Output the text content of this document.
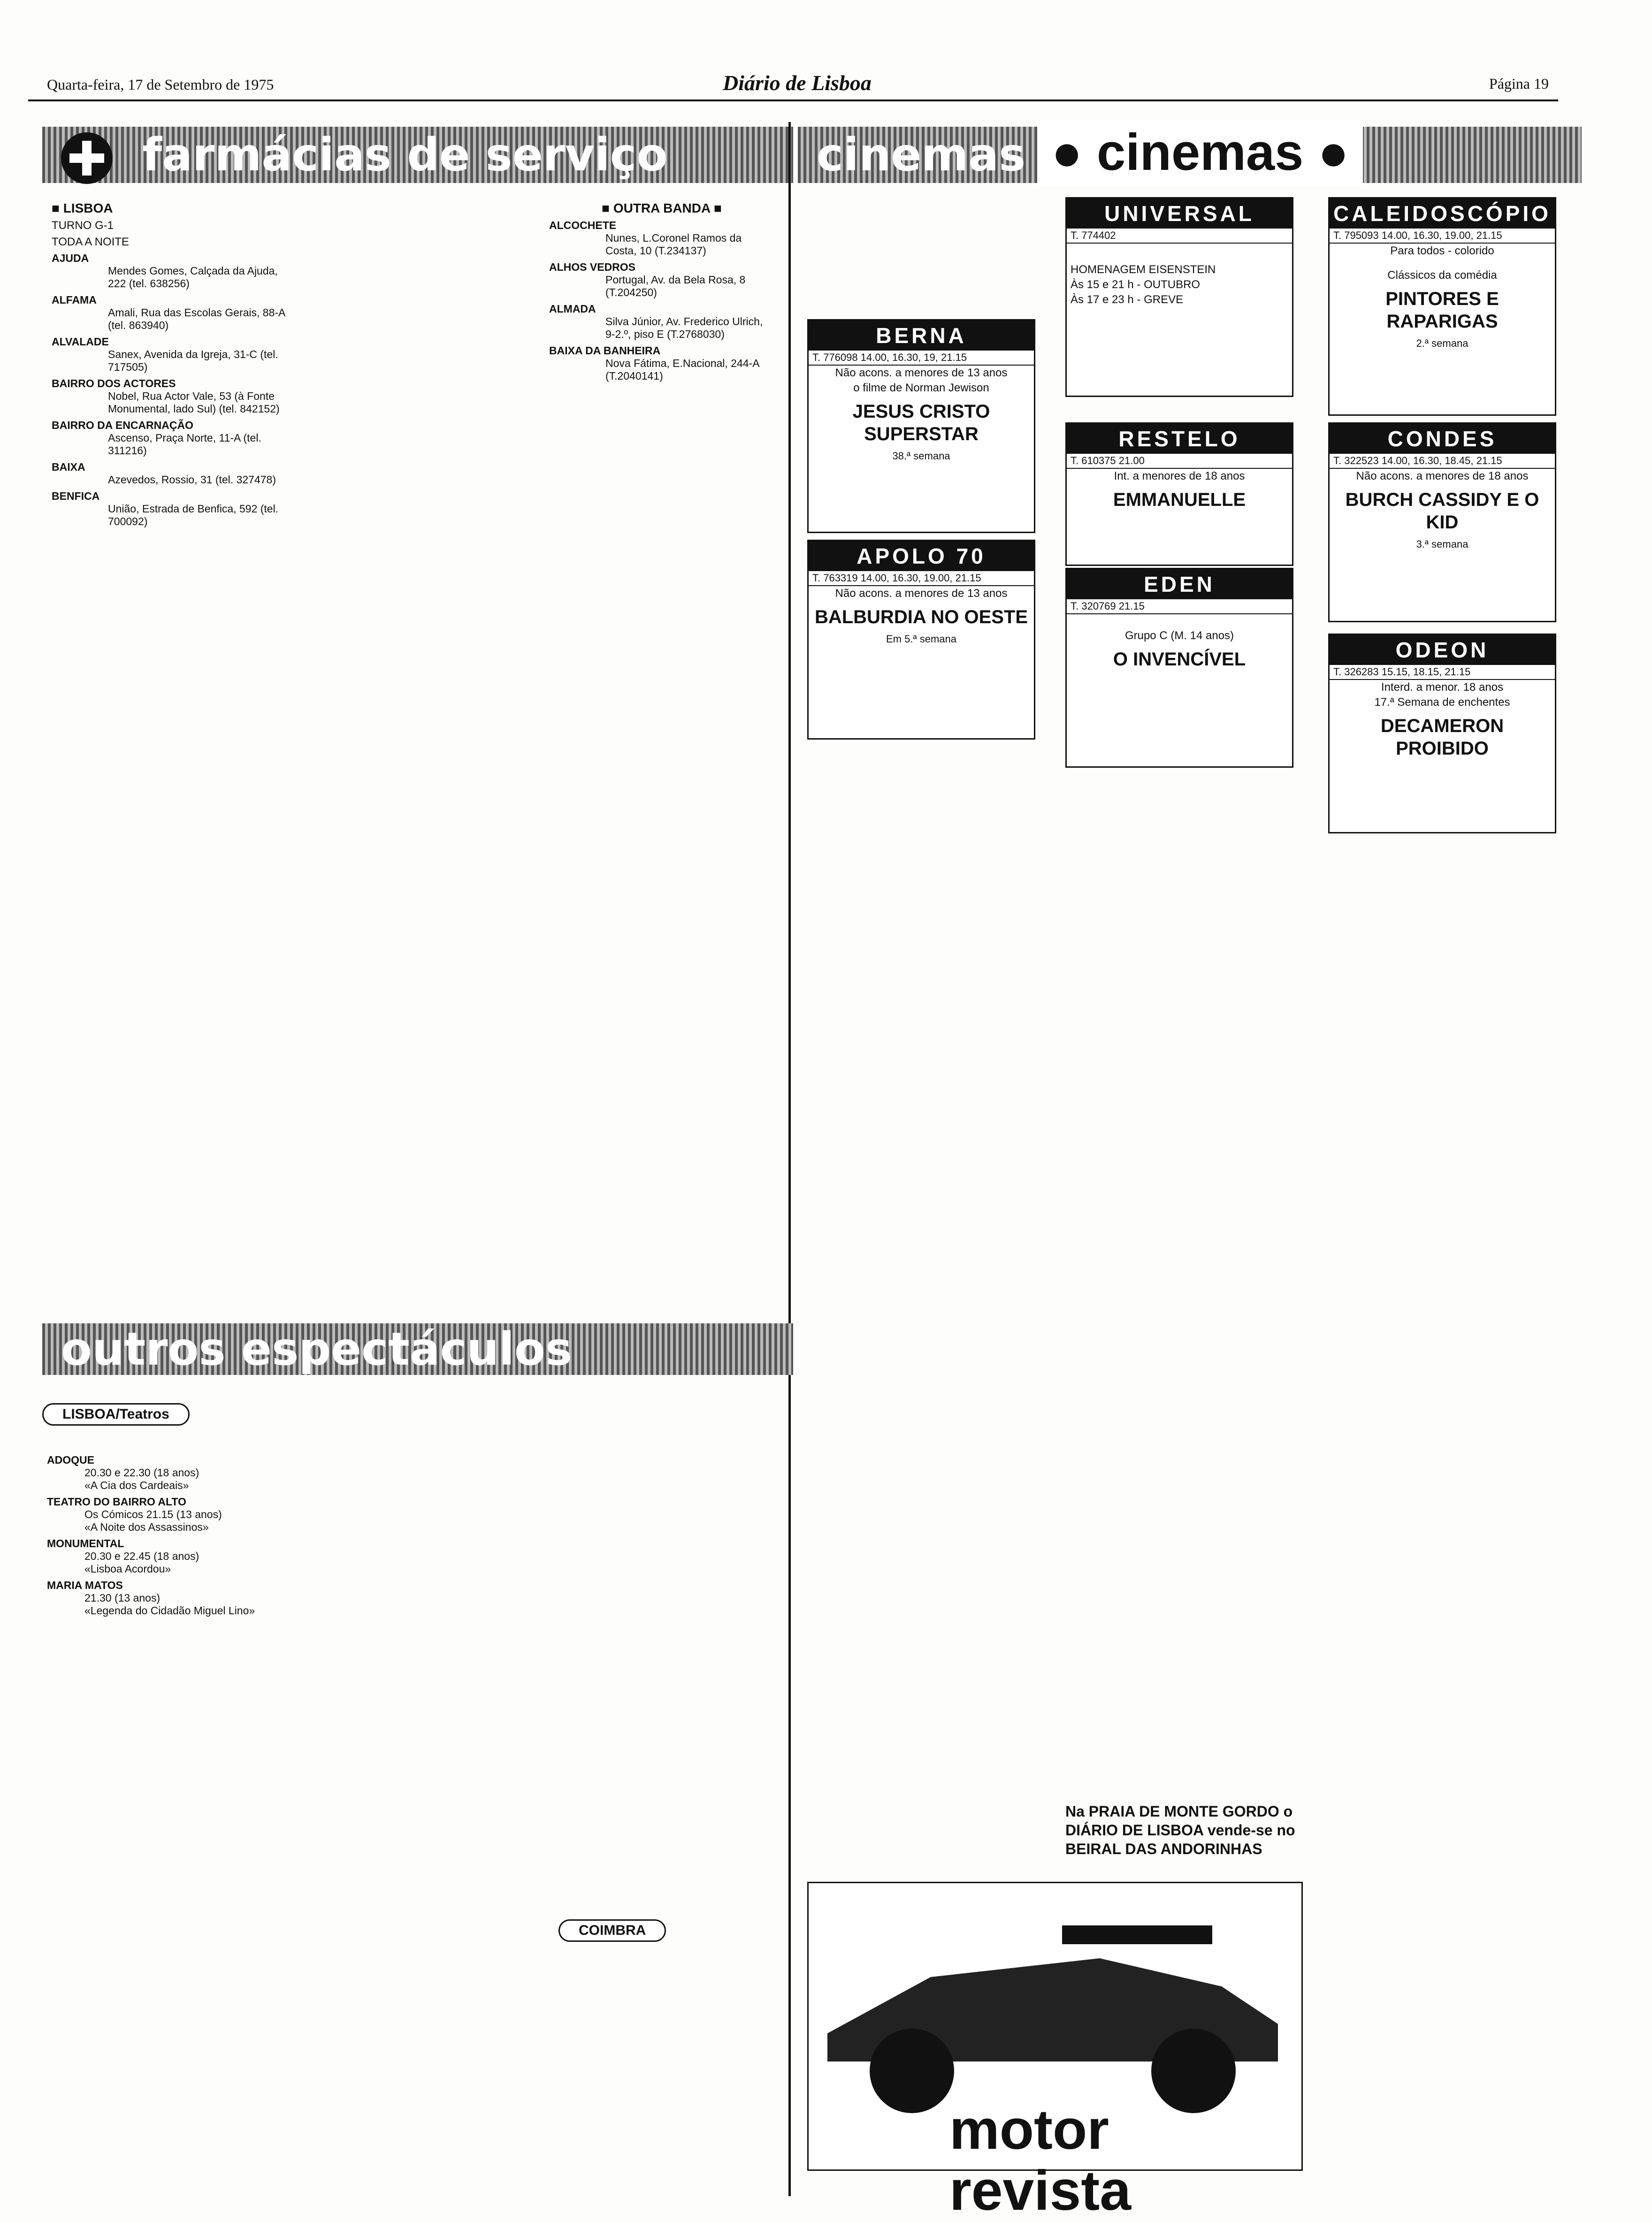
Quarta-feira, 17 de Setembro de 1975	Diário de Lisboa	Página 19
farmácias de serviço
■ LISBOA
TURNO G-1
TODA A NOITE
AJUDA
Mendes Gomes, Calçada da Ajuda, 222 (tel. 638256)
ALFAMA
Amali, Rua das Escolas Gerais, 88-A (tel. 863940)
ALVALADE
Sanex, Avenida da Igreja, 31-C (tel. 717505)
BAIRRO DOS ACTORES
Nobel, Rua Actor Vale, 53 (à Fonte Monumental, lado Sul) (tel. 842152)
BAIRRO DA ENCARNAÇÃO
Ascenso, Praça Norte, 11-A (tel. 311216)
BAIXA
Azevedos, Rossio, 31 (tel. 327478)
BENFICA
União, Estrada de Benfica, 592 (tel. 700092)
■ OUTRA BANDA ■
ALCOCHETE
Nunes, L.Coronel Ramos da Costa, 10 (T.234137)
ALHOS VEDROS
Portugal, Av. da Bela Rosa, 8 (T.204250)
ALMADA
Silva Júnior, Av. Frederico Ulrich, 9-2.º, piso E (T.2768030)
BAIXA DA BANHEIRA
Nova Fátima, E.Nacional, 244-A (T.2040141)
cinemas ● cinemas ●
UNIVERSAL
T. 774402
HOMENAGEM EISENSTEIN
Às 15 e 21 h - OUTUBRO
Às 17 e 23 h - GREVE
CALEIDOSCÓPIO
T. 795093 14.00, 16.30, 19.00, 21.15
Para todos - colorido
Clássicos da comédia
PINTORES E RAPARIGAS
2.ª semana
BERNA
T. 776098 14.00, 16.30, 19, 21.15
Não acons. a menores de 13 anos
o filme de Norman Jewison
JESUS CRISTO SUPERSTAR
38.ª semana
RESTELO
T. 610375 21.00
Int. a menores de 18 anos
EMMANUELLE
CONDES
T. 322523 14.00, 16.30, 18.45, 21.15
Não acons. a menores de 18 anos
BURCH CASSIDY E O KID
3.ª semana
APOLO 70
T. 763319 14.00, 16.30, 19.00, 21.15
Não acons. a menores de 13 anos
BALBURDIA NO OESTE
Em 5.ª semana
EDEN
T. 320769 21.15
Grupo C (M. 14 anos)
O INVENCÍVEL	ODEON
T. 326283 15.15, 18.15, 21.15
Interd. a menor. 18 anos
17.ª Semana de enchentes
DECAMERON PROIBIDO
outros espectáculos
LISBOA/Teatros
ADOQUE
20.30 e 22.30 (18 anos)
«A Cia dos Cardeais»
TEATRO DO BAIRRO ALTO
Os Cómicos 21.15 (13 anos)
«A Noite dos Assassinos»
MONUMENTAL
20.30 e 22.45 (18 anos)
«Lisboa Acordou»
MARIA MATOS
21.30 (13 anos)
«Legenda do Cidadão Miguel Lino»
COIMBRA
Na PRAIA DE MONTE GORDO o DIÁRIO DE LISBOA vende-se no BEIRAL DAS ANDORINHAS
motor revista
